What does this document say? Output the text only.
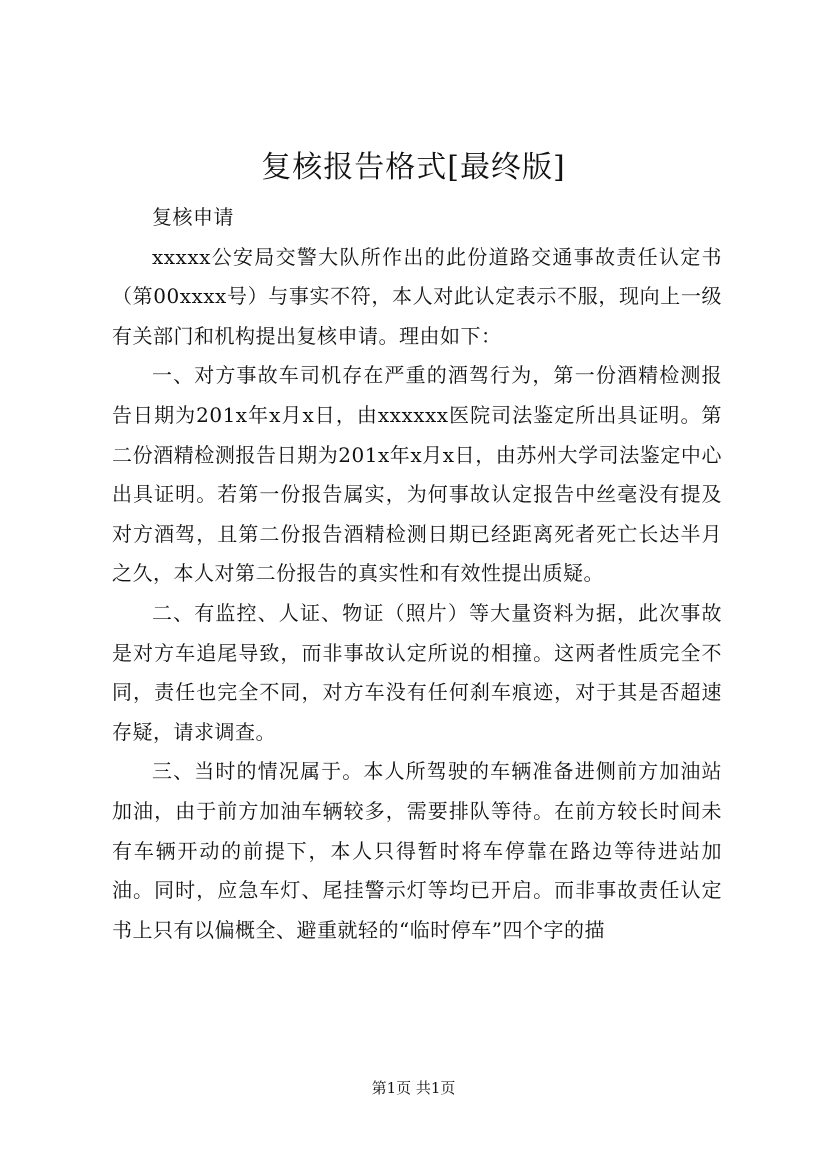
复核报告格式[最终版]

复核申请

xxxxx公安局交警大队所作出的此份道路交通事故责任认定书（第00xxxx号）与事实不符，本人对此认定表示不服，现向上一级有关部门和机构提出复核申请。理由如下：

一、对方事故车司机存在严重的酒驾行为，第一份酒精检测报告日期为201x年x月x日，由xxxxxx医院司法鉴定所出具证明。第二份酒精检测报告日期为201x年x月x日，由苏州大学司法鉴定中心出具证明。若第一份报告属实，为何事故认定报告中丝毫没有提及对方酒驾，且第二份报告酒精检测日期已经距离死者死亡长达半月之久，本人对第二份报告的真实性和有效性提出质疑。

二、有监控、人证、物证（照片）等大量资料为据，此次事故是对方车追尾导致，而非事故认定所说的相撞。这两者性质完全不同，责任也完全不同，对方车没有任何刹车痕迹，对于其是否超速存疑，请求调查。

三、当时的情况属于。本人所驾驶的车辆准备进侧前方加油站加油，由于前方加油车辆较多，需要排队等待。在前方较长时间未有车辆开动的前提下，本人只得暂时将车停靠在路边等待进站加油。同时，应急车灯、尾挂警示灯等均已开启。而非事故责任认定书上只有以偏概全、避重就轻的“临时停车”四个字的描

第1页 共1页
